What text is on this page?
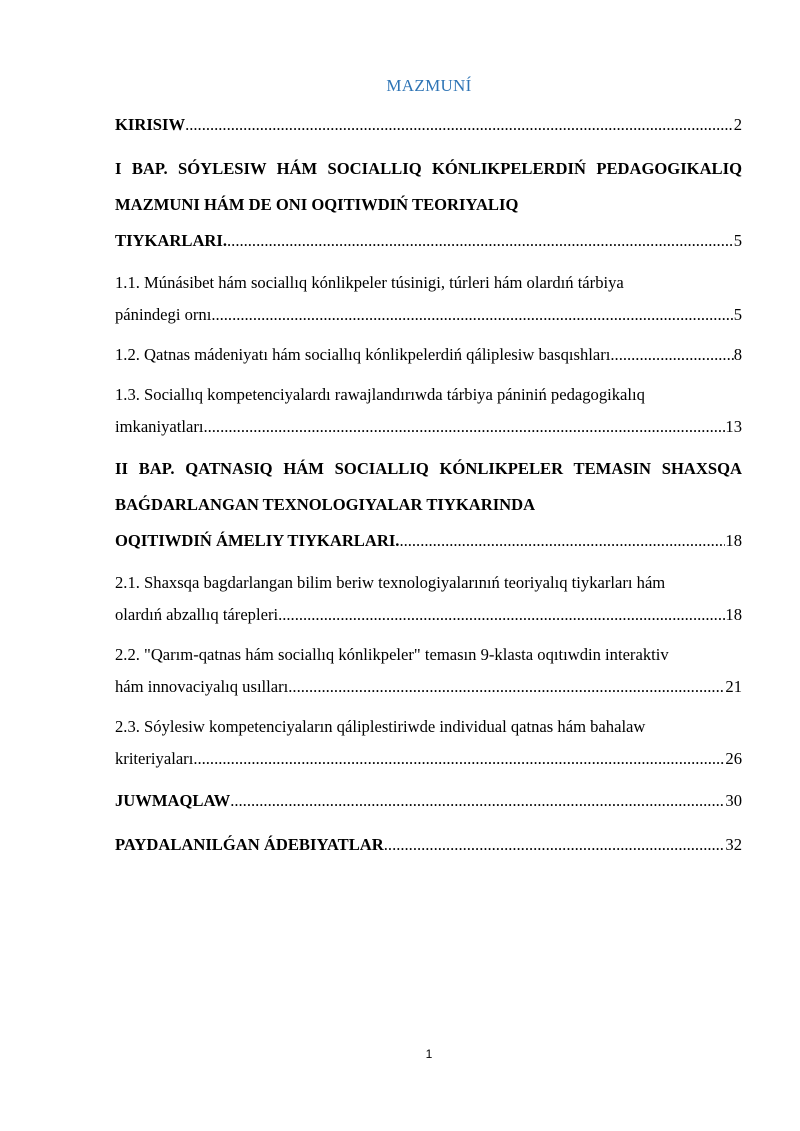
MAZMUNÍ
KIRISIW .....	2
I BAP. SÓYLESIW HÁM SOCIALLIQ KÓNLIKPELERDIŃ PEDAGOGIKALIQ MAZMUNI HÁM DE ONI OQITIWDIŃ TEORIYALIQ
TIYKARLARI. .....	5
1.1. Múnásibet hám sociallıq kónlikpeler túsinigi, túrleri hám olardıń tárbiya
pánindegi ornı .....	5
1.2. Qatnas mádeniyatı hám sociallıq kónlikpelerdiń qáliplesiw basqıshları .....	8
1.3. Sociallıq kompetenciyalardı rawajlandırıwda tárbiya pániniń pedagogikalıq
imkaniyatları .....	13
II BAP. QATNASIQ HÁM SOCIALLIQ KÓNLIKPELER TEMASIN SHAXSQA BAǴDARLANGAN TEXNOLOGIYALAR TIYKARINDA
OQITIWDIŃ ÁMELIY TIYKARLARI. .....	18
2.1. Shaxsqa bagdarlangan bilim beriw texnologiyalarınıń teoriyalıq tiykarları hám
olardıń abzallıq tárepleri .....	18
2.2. "Qarım-qatnas hám sociallıq kónlikpeler" temasın 9-klasta oqıtıwdin interaktiv
hám innovaciyalıq usılları .....	21
2.3. Sóylesiw kompetenciyaların qáliplestiriwde individual qatnas hám bahalaw
kriteriyaları .....	26
JUWMAQLAW .....	30
PAYDALANILǴAN ÁDEBIYATLAR .....	32
1
